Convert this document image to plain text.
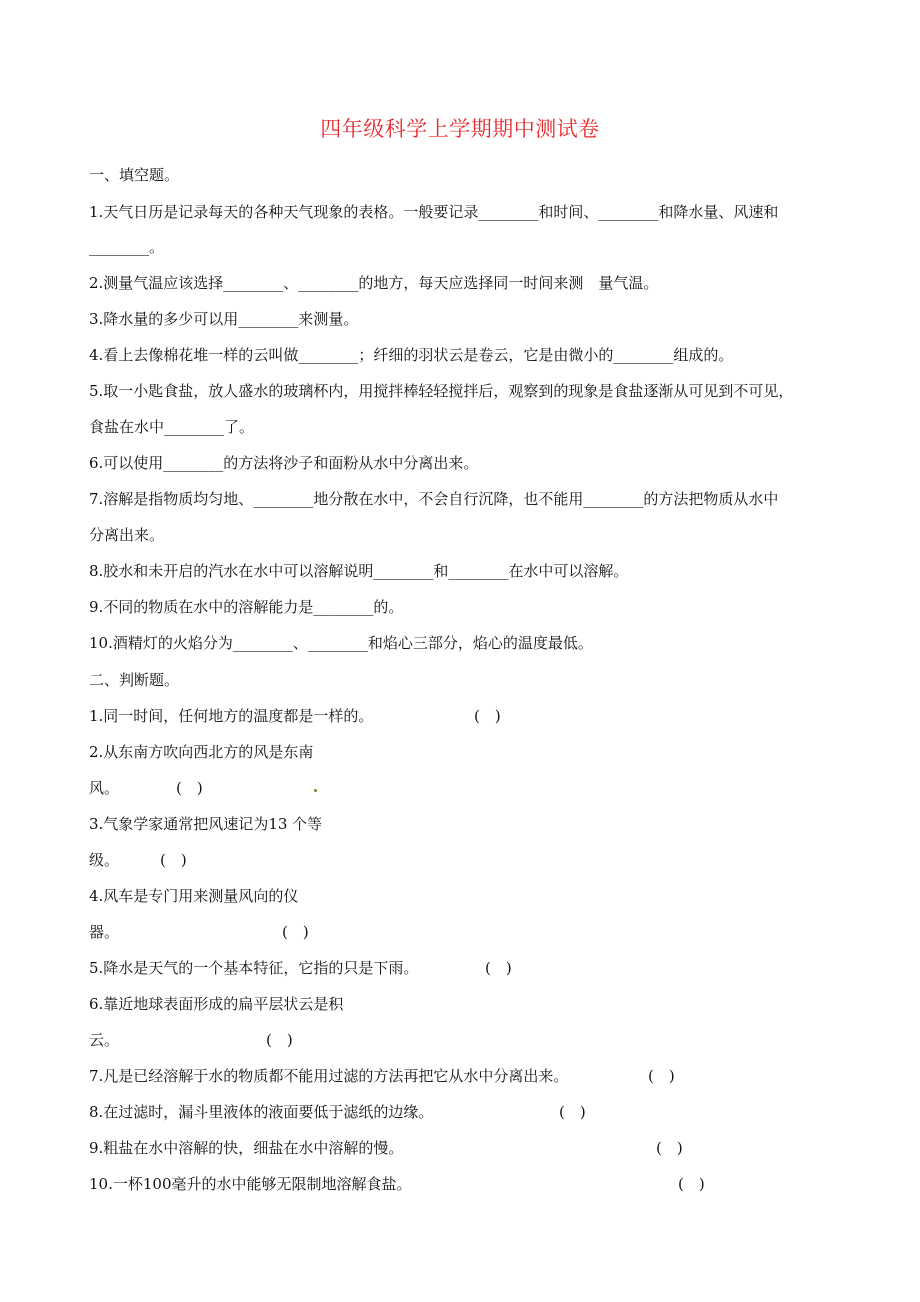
四年级科学上学期期中测试卷
一、填空题。
1.天气日历是记录每天的各种天气现象的表格。一般要记录________和时间、________和降水量、风速和
________。
2.测量气温应该选择________、________的地方，每天应选择同一时间来测　量气温。
3.降水量的多少可以用________来测量。
4.看上去像棉花堆一样的云叫做________；纤细的羽状云是卷云，它是由微小的________组成的。
5.取一小匙食盐，放人盛水的玻璃杯内，用搅拌棒轻轻搅拌后，观察到的现象是食盐逐渐从可见到不可见，
食盐在水中________了。
6.可以使用________的方法将沙子和面粉从水中分离出来。
7.溶解是指物质均匀地、________地分散在水中，不会自行沉降，也不能用________的方法把物质从水中
分离出来。
8.胶水和未开启的汽水在水中可以溶解说明________和________在水中可以溶解。
9.不同的物质在水中的溶解能力是________的。
10.酒精灯的火焰分为________、________和焰心三部分，焰心的温度最低。
二、判断题。
1.同一时间，任何地方的温度都是一样的。	(　)
2.从东南方吹向西北方的风是东南
风。	(　)
3.气象学家通常把风速记为13 个等
级。	(　)
4.风车是专门用来测量风向的仪
器。	(　)
5.降水是天气的一个基本特征，它指的只是下雨。	(　)
6.靠近地球表面形成的扁平层状云是积
云。	(　)
7.凡是已经溶解于水的物质都不能用过滤的方法再把它从水中分离出来。	(　)
8.在过滤时，漏斗里液体的液面要低于滤纸的边缘。	(　)
9.粗盐在水中溶解的快，细盐在水中溶解的慢。	(　)
10.一杯100毫升的水中能够无限制地溶解食盐。	(　)
